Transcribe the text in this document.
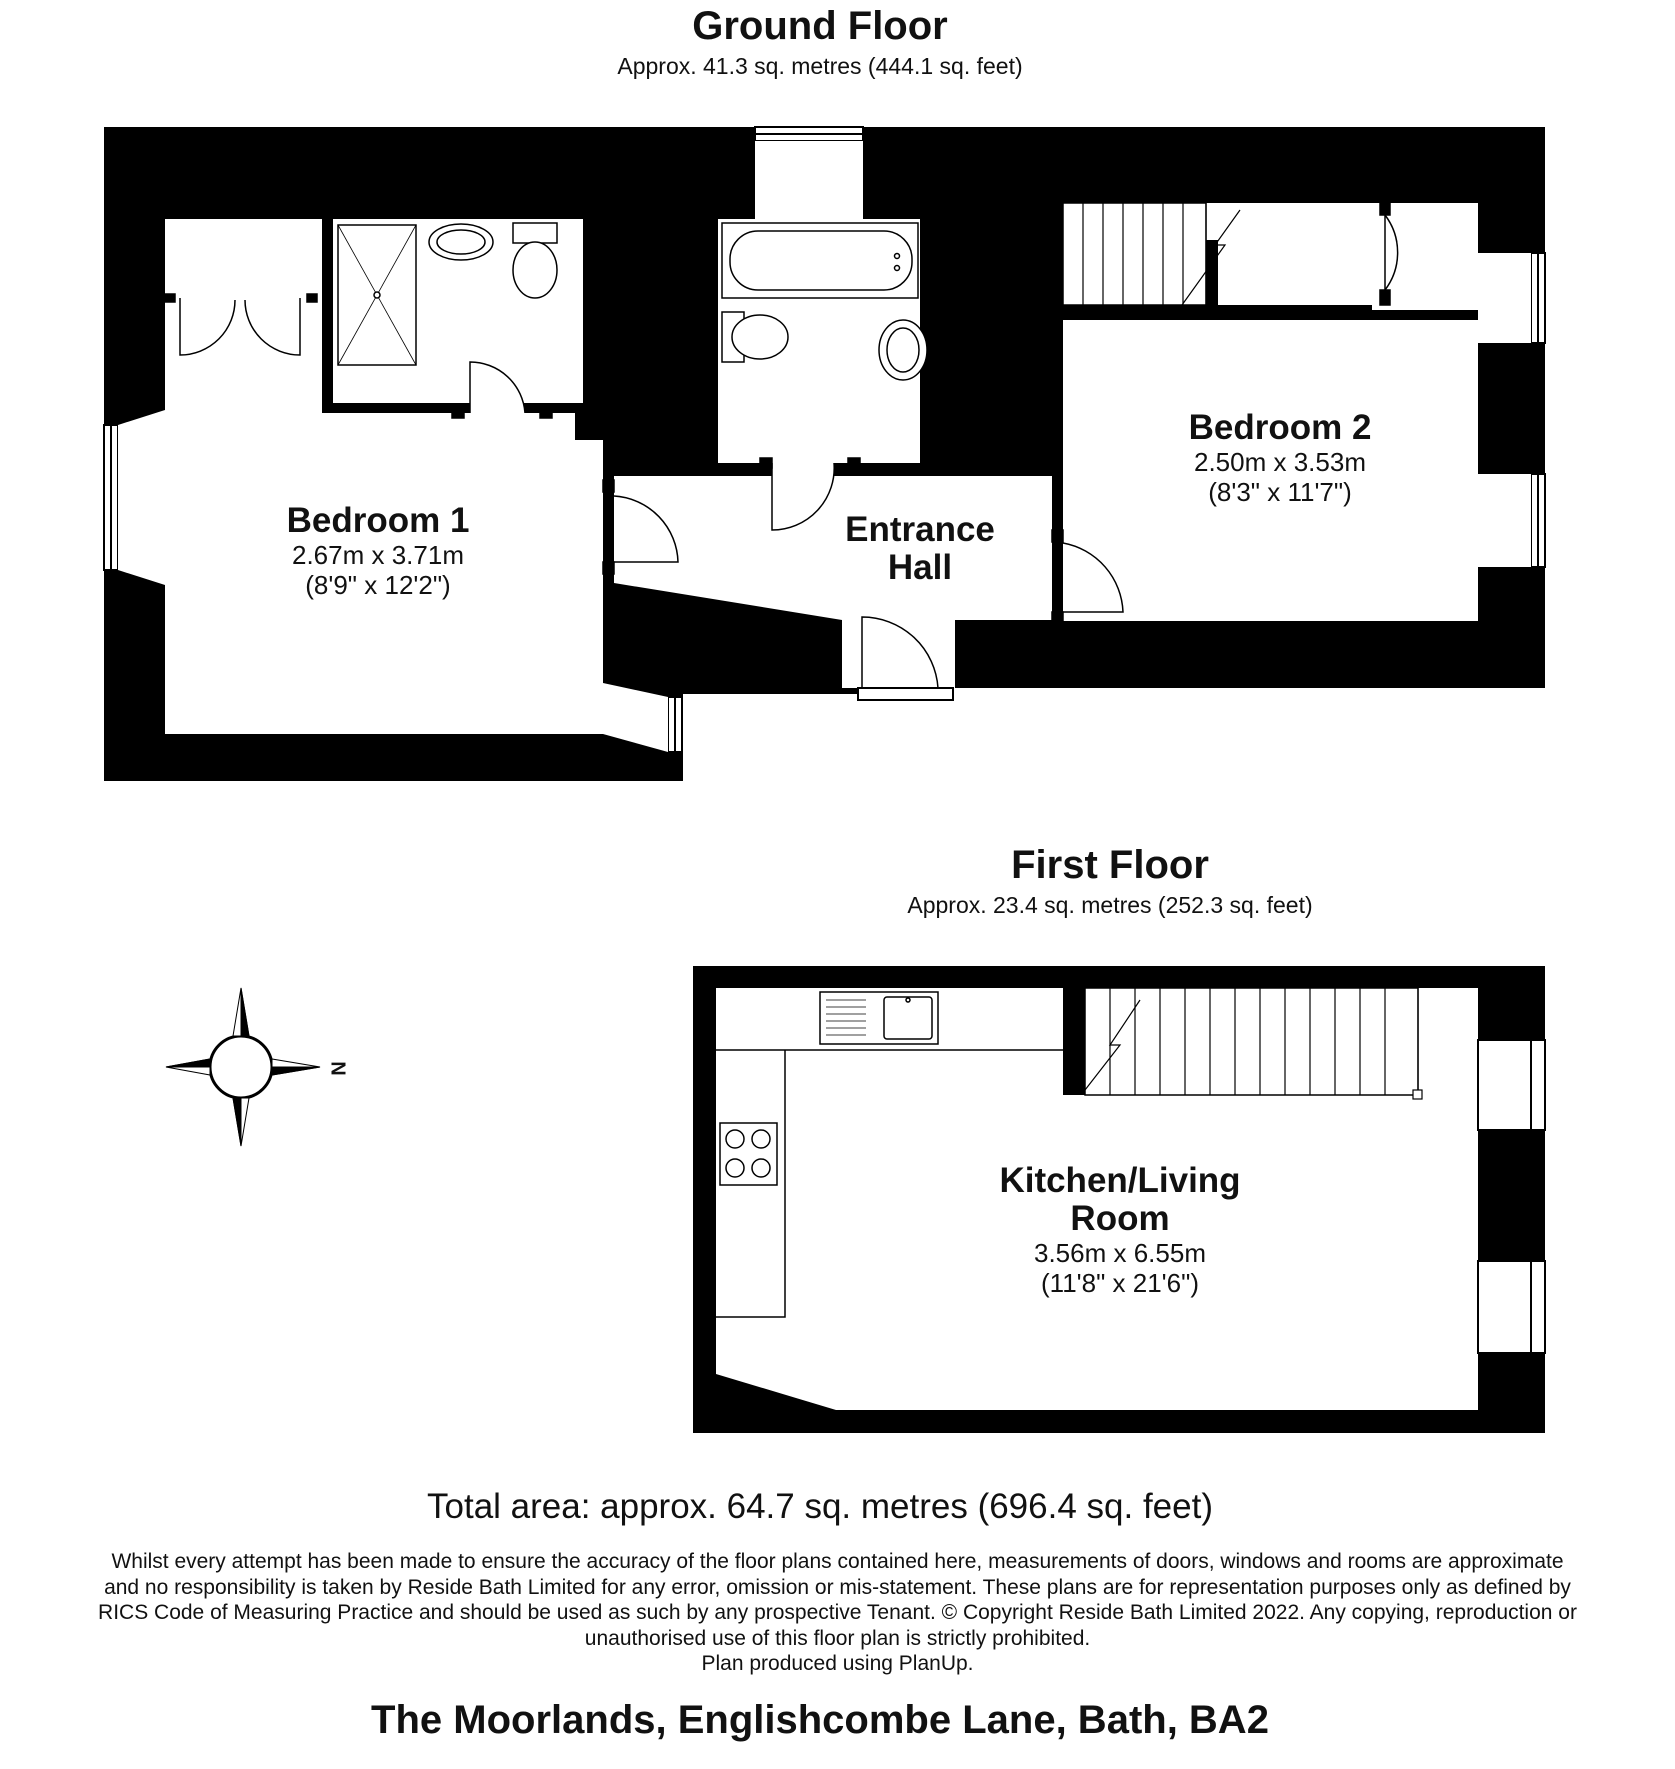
Ground Floor
Approx. 41.3 sq. metres (444.1 sq. feet)
Bedroom 1
2.67m x 3.71m
(8'9" x 12'2")
Entrance
Hall
Bedroom 2
2.50m x 3.53m
(8'3" x 11'7")
First Floor
Approx. 23.4 sq. metres (252.3 sq. feet)
Kitchen/Living
Room
3.56m x 6.55m
(11'8" x 21'6")
N
Total area: approx. 64.7 sq. metres (696.4 sq. feet)
Whilst every attempt has been made to ensure the accuracy of the floor plans contained here, measurements of doors, windows and rooms are approximate
and no responsibility is taken by Reside Bath Limited for any error, omission or mis-statement. These plans are for representation purposes only as defined by
RICS Code of Measuring Practice and should be used as such by any prospective Tenant. © Copyright Reside Bath Limited 2022. Any copying, reproduction or
unauthorised use of this floor plan is strictly prohibited.
Plan produced using PlanUp.
The Moorlands, Englishcombe Lane, Bath, BA2
